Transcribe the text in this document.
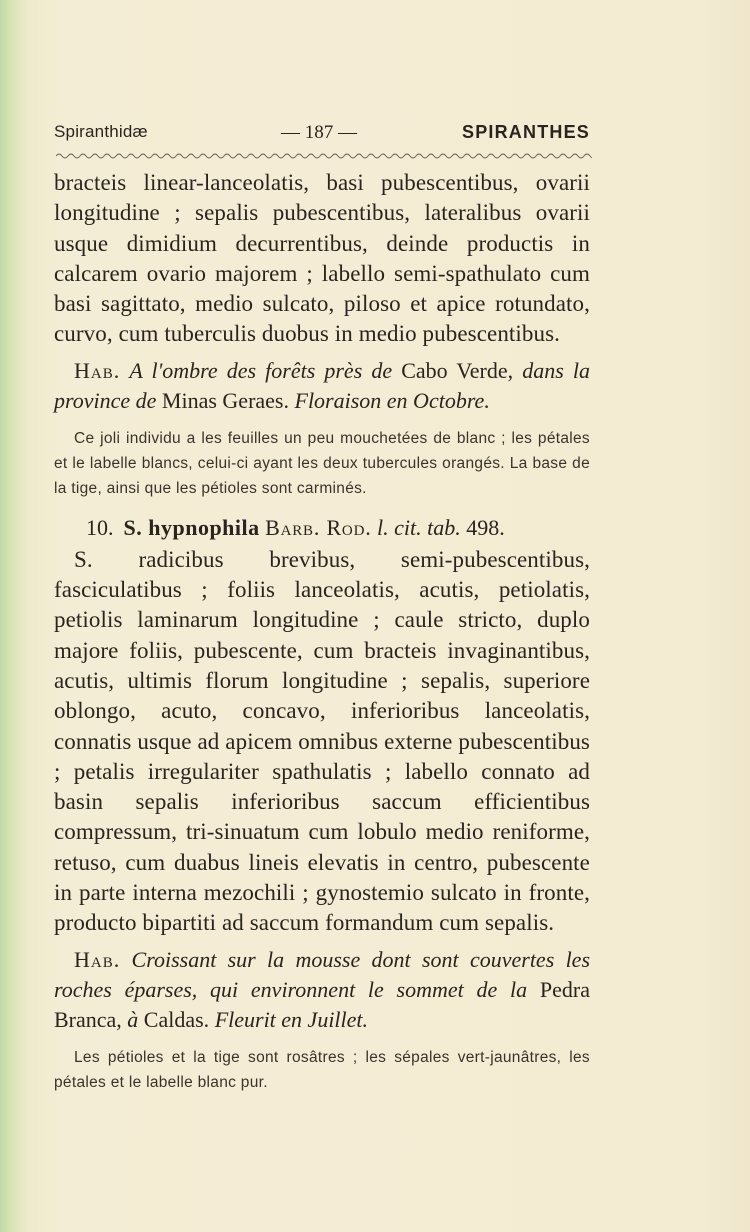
Spiranthidæ	— 187 —	SPIRANTHES

bracteis linear-lanceolatis, basi pubescentibus, ovarii longitudine ; sepalis pubescentibus, lateralibus ovarii usque dimidium decurrentibus, deinde productis in calcarem ovario majorem ; labello semi-spathulato cum basi sagittato, medio sulcato, piloso et apice rotundato, curvo, cum tuberculis duobus in medio pubescentibus.

Hab. A l'ombre des forêts près de Cabo Verde, dans la province de Minas Geraes. Floraison en Octobre.

Ce joli individu a les feuilles un peu mouchetées de blanc ; les pétales et le labelle blancs, celui-ci ayant les deux tubercules orangés. La base de la tige, ainsi que les pétioles sont carminés.

10. S. hypnophila Barb. Rod. l. cit. tab. 498.

S. radicibus brevibus, semi-pubescentibus, fasciculatibus ; foliis lanceolatis, acutis, petiolatis, petiolis laminarum longitudine ; caule stricto, duplo majore foliis, pubescente, cum bracteis invaginantibus, acutis, ultimis florum longitudine ; sepalis, superiore oblongo, acuto, concavo, inferioribus lanceolatis, connatis usque ad apicem omnibus externe pubescentibus ; petalis irregulariter spathulatis ; labello connato ad basin sepalis inferioribus saccum efficientibus compressum, tri-sinuatum cum lobulo medio reniforme, retuso, cum duabus lineis elevatis in centro, pubescente in parte interna mezochili ; gynostemio sulcato in fronte, producto bipartiti ad saccum formandum cum sepalis.

Hab. Croissant sur la mousse dont sont couvertes les roches éparses, qui environnent le sommet de la Pedra Branca, à Caldas. Fleurit en Juillet.

Les pétioles et la tige sont rosâtres ; les sépales vert-jaunâtres, les pétales et le labelle blanc pur.
